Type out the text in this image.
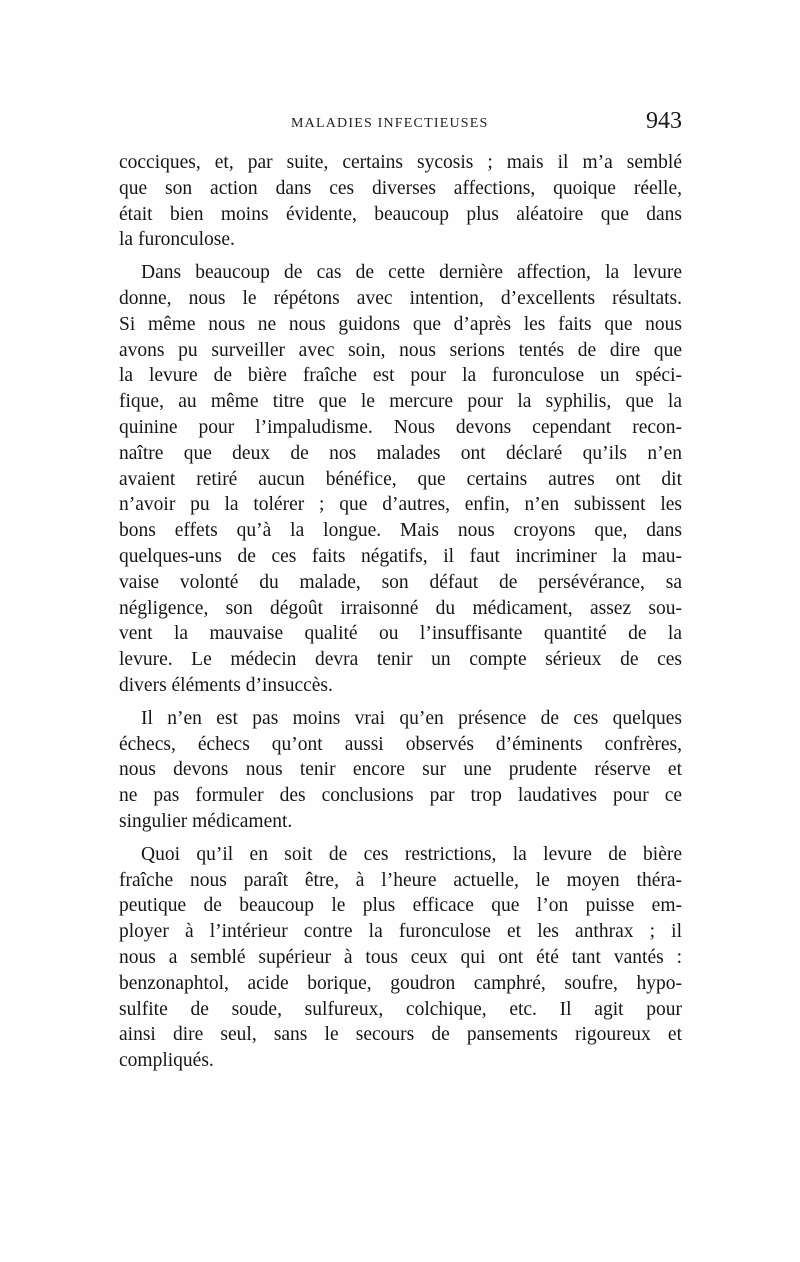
MALADIES INFECTIEUSES	943
cocciques, et, par suite, certains sycosis ; mais il m’a semblé
que son action dans ces diverses affections, quoique réelle,
était bien moins évidente, beaucoup plus aléatoire que dans
la furonculose.
Dans beaucoup de cas de cette dernière affection, la levure
donne, nous le répétons avec intention, d’excellents résultats.
Si même nous ne nous guidons que d’après les faits que nous
avons pu surveiller avec soin, nous serions tentés de dire que
la levure de bière fraîche est pour la furonculose un spéci-
fique, au même titre que le mercure pour la syphilis, que la
quinine pour l’impaludisme. Nous devons cependant recon-
naître que deux de nos malades ont déclaré qu’ils n’en
avaient retiré aucun bénéfice, que certains autres ont dit
n’avoir pu la tolérer ; que d’autres, enfin, n’en subissent les
bons effets qu’à la longue. Mais nous croyons que, dans
quelques-uns de ces faits négatifs, il faut incriminer la mau-
vaise volonté du malade, son défaut de persévérance, sa
négligence, son dégoût irraisonné du médicament, assez sou-
vent la mauvaise qualité ou l’insuffisante quantité de la
levure. Le médecin devra tenir un compte sérieux de ces
divers éléments d’insuccès.
Il n’en est pas moins vrai qu’en présence de ces quelques
échecs, échecs qu’ont aussi observés d’éminents confrères,
nous devons nous tenir encore sur une prudente réserve et
ne pas formuler des conclusions par trop laudatives pour ce
singulier médicament.
Quoi qu’il en soit de ces restrictions, la levure de bière
fraîche nous paraît être, à l’heure actuelle, le moyen théra-
peutique de beaucoup le plus efficace que l’on puisse em-
ployer à l’intérieur contre la furonculose et les anthrax ; il
nous a semblé supérieur à tous ceux qui ont été tant vantés :
benzonaphtol, acide borique, goudron camphré, soufre, hypo-
sulfite de soude, sulfureux, colchique, etc. Il agit pour
ainsi dire seul, sans le secours de pansements rigoureux et
compliqués.
